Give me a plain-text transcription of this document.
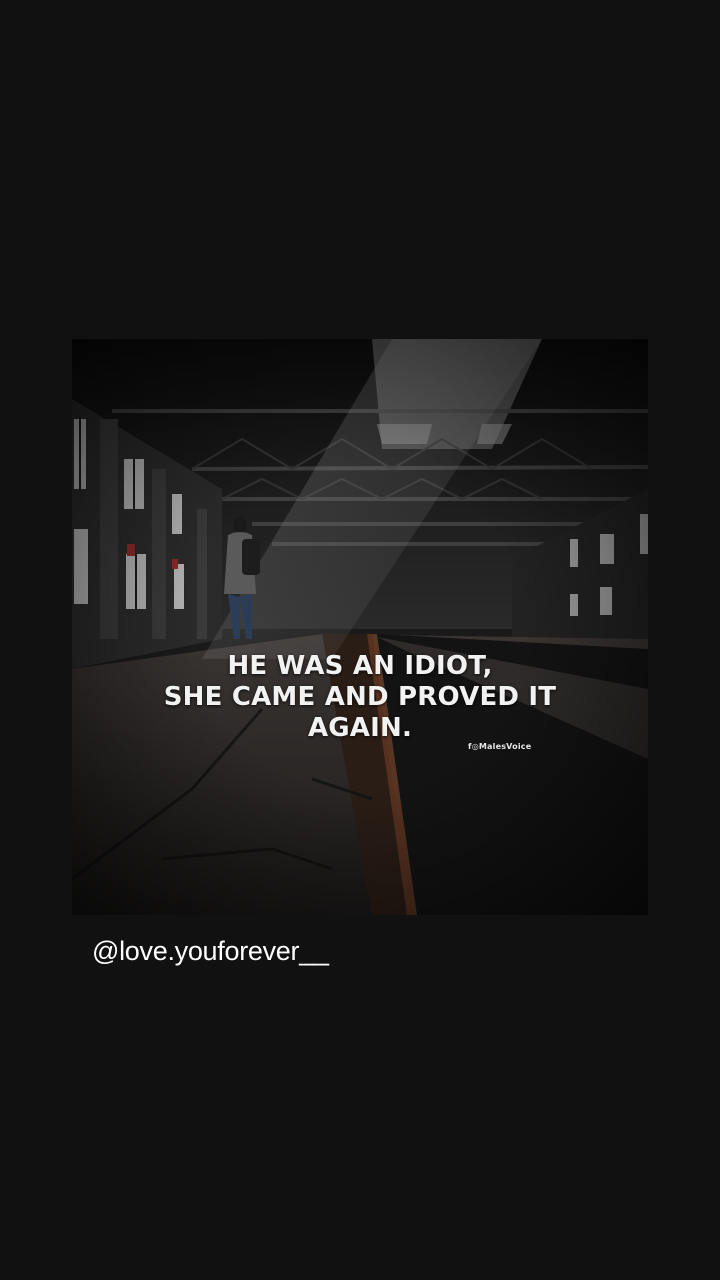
HE WAS AN IDIOT,
SHE CAME AND PROVED IT
AGAIN.
f◎MalesVoice
@love.youforever__
